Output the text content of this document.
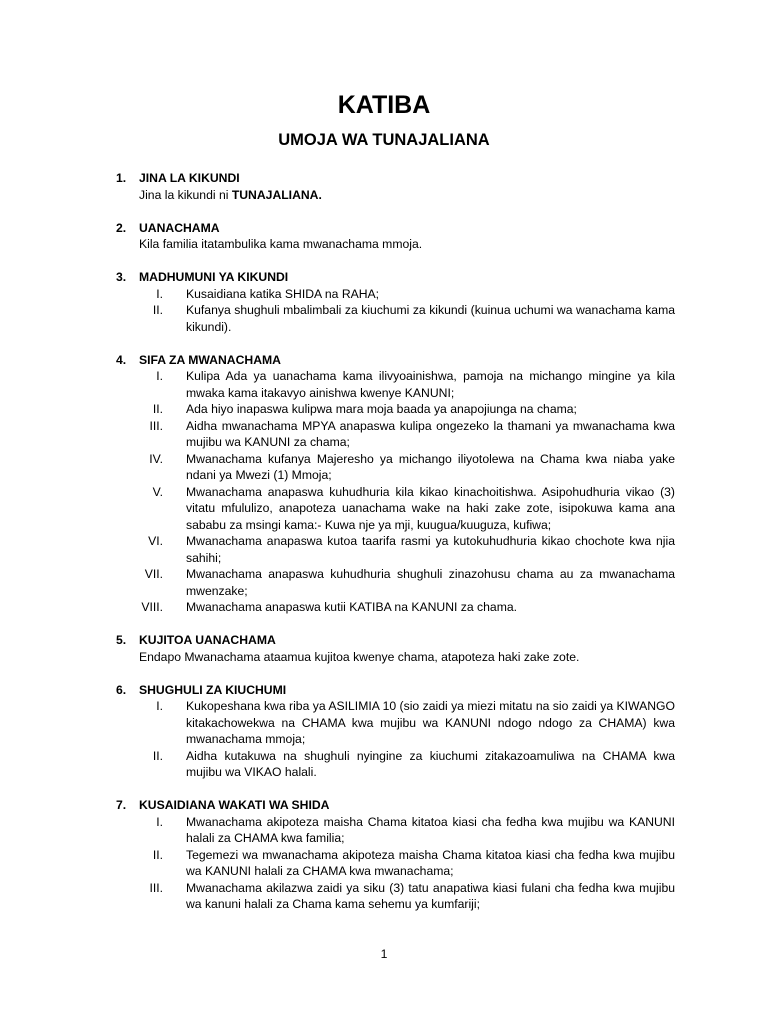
KATIBA
UMOJA WA TUNAJALIANA
1. JINA LA KIKUNDI
Jina la kikundi ni TUNAJALIANA.
2. UANACHAMA
Kila familia itatambulika kama mwanachama mmoja.
3. MADHUMUNI YA KIKUNDI
I. Kusaidiana katika SHIDA na RAHA;
II. Kufanya shughuli mbalimbali za kiuchumi za kikundi (kuinua uchumi wa wanachama kama kikundi).
4. SIFA ZA MWANACHAMA
I. Kulipa Ada ya uanachama kama ilivyoainishwa, pamoja na michango mingine ya kila mwaka kama itakavyo ainishwa kwenye KANUNI;
II. Ada hiyo inapaswa kulipwa mara moja baada ya anapojiunga na chama;
III. Aidha mwanachama MPYA anapaswa kulipa ongezeko la thamani ya mwanachama kwa mujibu wa KANUNI za chama;
IV. Mwanachama kufanya Majeresho ya michango iliyotolewa na Chama kwa niaba yake ndani ya Mwezi (1) Mmoja;
V. Mwanachama anapaswa kuhudhuria kila kikao kinachoitishwa. Asipohudhuria vikao (3) vitatu mfululizo, anapoteza uanachama wake na haki zake zote, isipokuwa kama ana sababu za msingi kama:- Kuwa nje ya mji, kuugua/kuuguza, kufiwa;
VI. Mwanachama anapaswa kutoa taarifa rasmi ya kutokuhudhuria kikao chochote kwa njia sahihi;
VII. Mwanachama anapaswa kuhudhuria shughuli zinazohusu chama au za mwanachama mwenzake;
VIII. Mwanachama anapaswa kutii KATIBA na KANUNI za chama.
5. KUJITOA UANACHAMA
Endapo Mwanachama ataamua kujitoa kwenye chama, atapoteza haki zake zote.
6. SHUGHULI ZA KIUCHUMI
I. Kukopeshana kwa riba ya ASILIMIA 10 (sio zaidi ya miezi mitatu na sio zaidi ya KIWANGO kitakachowekwa na CHAMA kwa mujibu wa KANUNI ndogo ndogo za CHAMA) kwa mwanachama mmoja;
II. Aidha kutakuwa na shughuli nyingine za kiuchumi zitakazoamuliwa na CHAMA kwa mujibu wa VIKAO halali.
7. KUSAIDIANA WAKATI WA SHIDA
I. Mwanachama akipoteza maisha Chama kitatoa kiasi cha fedha kwa mujibu wa KANUNI halali za CHAMA kwa familia;
II. Tegemezi wa mwanachama akipoteza maisha Chama kitatoa kiasi cha fedha kwa mujibu wa KANUNI halali za CHAMA kwa mwanachama;
III. Mwanachama akilazwa zaidi ya siku (3) tatu anapatiwa kiasi fulani cha fedha kwa mujibu wa kanuni halali za Chama kama sehemu ya kumfariji;
1
